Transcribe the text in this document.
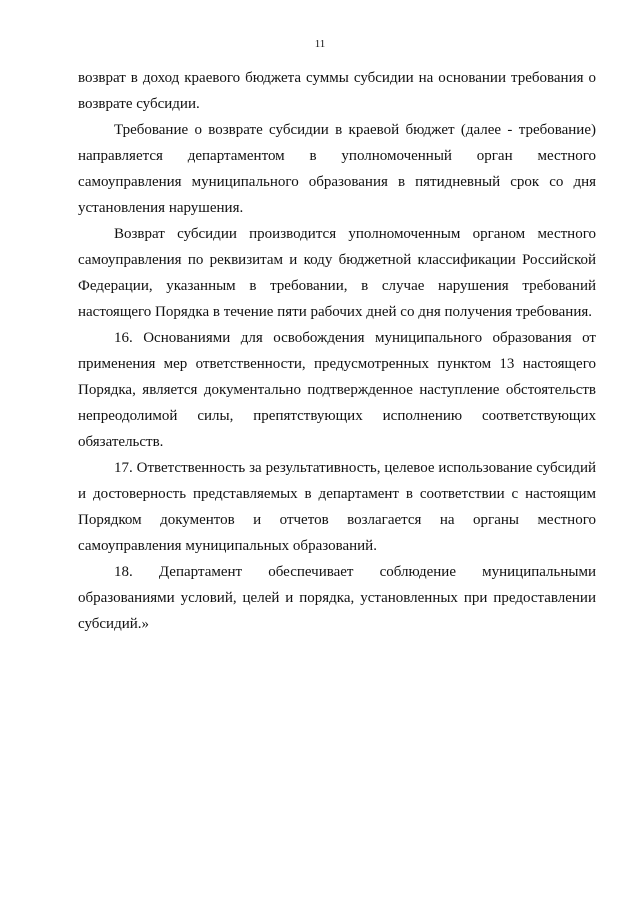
11

возврат в доход краевого бюджета суммы субсидии на основании требования о возврате субсидии.

Требование о возврате субсидии в краевой бюджет (далее - требование) направляется департаментом в уполномоченный орган местного самоуправления муниципального образования в пятидневный срок со дня установления нарушения.

Возврат субсидии производится уполномоченным органом местного самоуправления по реквизитам и коду бюджетной классификации Российской Федерации, указанным в требовании, в случае нарушения требований настоящего Порядка в течение пяти рабочих дней со дня получения требования.

16. Основаниями для освобождения муниципального образования от применения мер ответственности, предусмотренных пунктом 13 настоящего Порядка, является документально подтвержденное наступление обстоятельств непреодолимой силы, препятствующих исполнению соответствующих обязательств.

17. Ответственность за результативность, целевое использование субсидий и достоверность представляемых в департамент в соответствии с настоящим Порядком документов и отчетов возлагается на органы местного самоуправления муниципальных образований.

18. Департамент обеспечивает соблюдение муниципальными образованиями условий, целей и порядка, установленных при предоставлении субсидий.»
